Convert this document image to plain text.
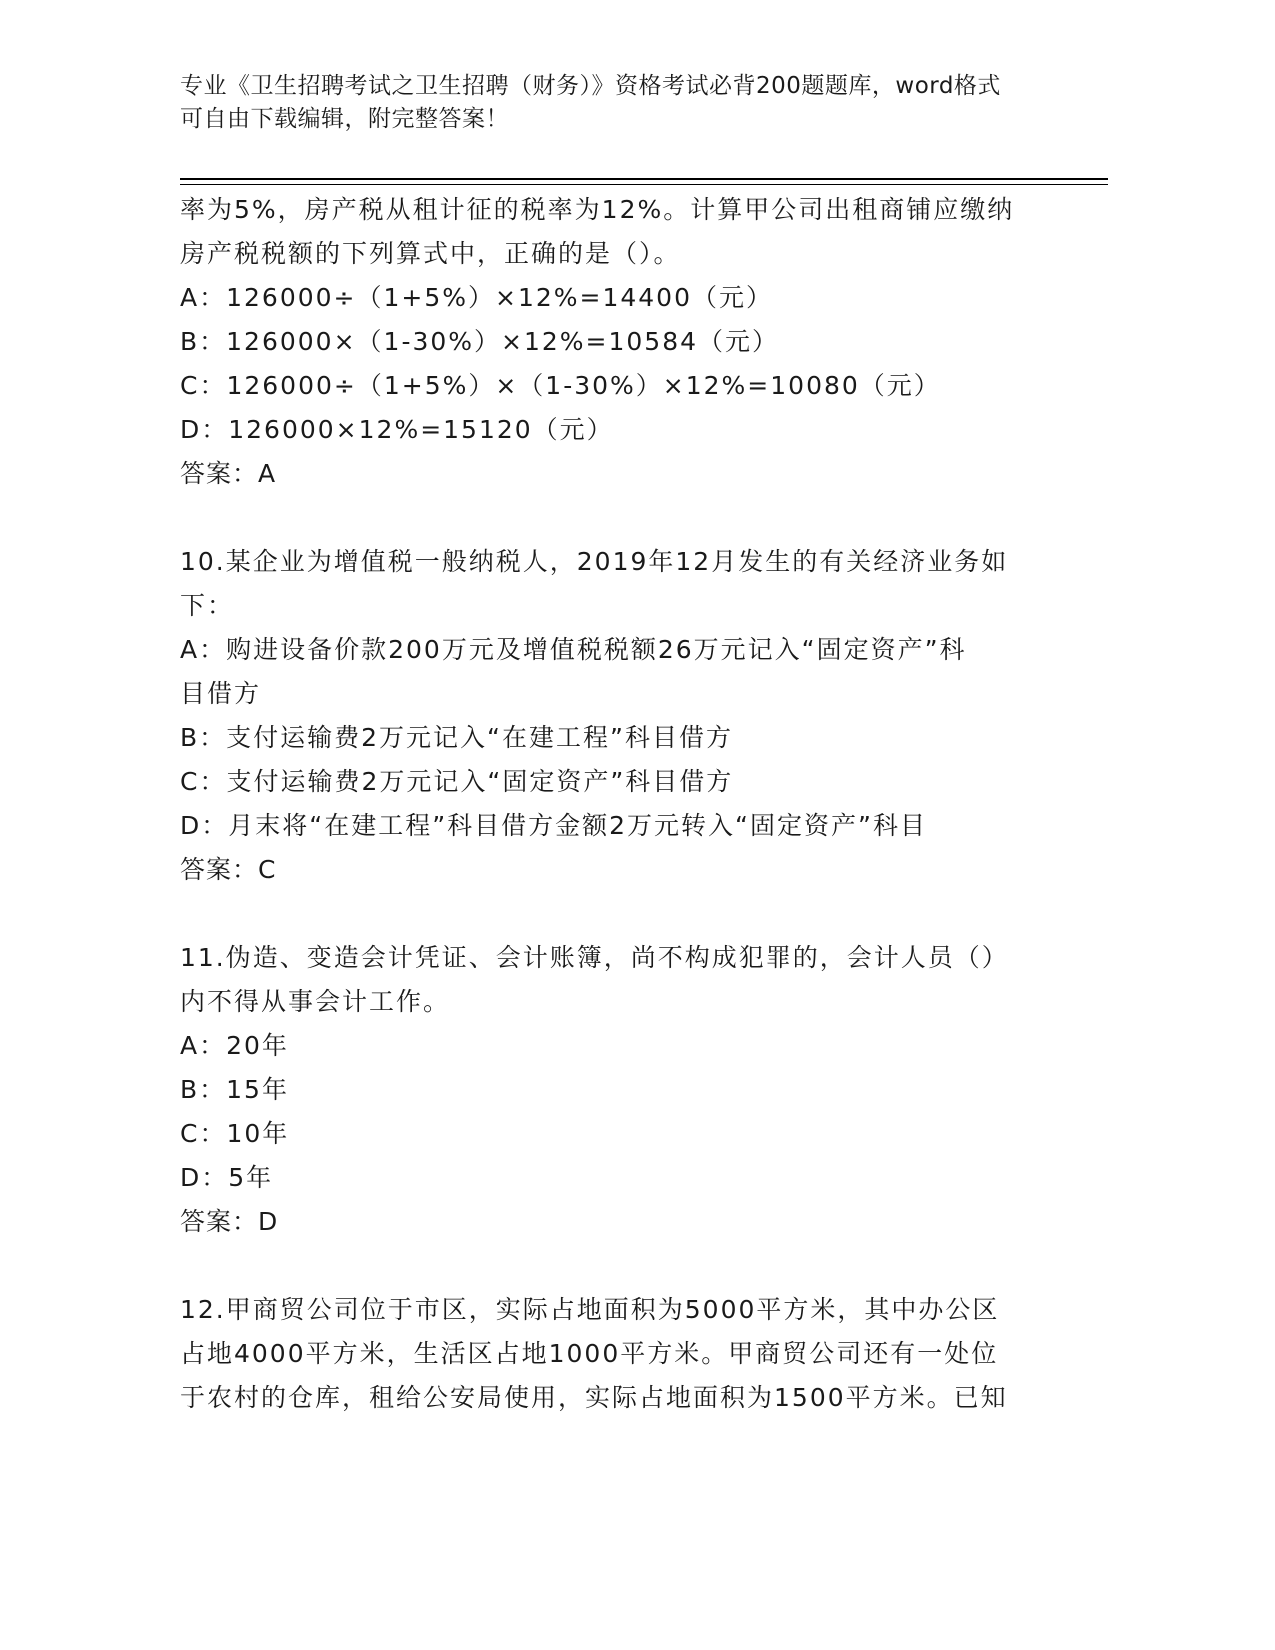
专业《卫生招聘考试之卫生招聘（财务）》资格考试必背200题题库，word格式
可自由下载编辑，附完整答案！
率为5%，房产税从租计征的税率为12%。计算甲公司出租商铺应缴纳
房产税税额的下列算式中，正确的是（）。
A：126000÷（1+5%）×12%=14400（元）
B：126000×（1-30%）×12%=10584（元）
C：126000÷（1+5%）×（1-30%）×12%=10080（元）
D：126000×12%=15120（元）
答案：A
10.某企业为增值税一般纳税人，2019年12月发生的有关经济业务如
下：
A：购进设备价款200万元及增值税税额26万元记入“固定资产”科
目借方
B：支付运输费2万元记入“在建工程”科目借方
C：支付运输费2万元记入“固定资产”科目借方
D：月末将“在建工程”科目借方金额2万元转入“固定资产”科目
答案：C
11.伪造、变造会计凭证、会计账簿，尚不构成犯罪的，会计人员（）
内不得从事会计工作。
A：20年
B：15年
C：10年
D：5年
答案：D
12.甲商贸公司位于市区，实际占地面积为5000平方米，其中办公区
占地4000平方米，生活区占地1000平方米。甲商贸公司还有一处位
于农村的仓库，租给公安局使用，实际占地面积为1500平方米。已知
